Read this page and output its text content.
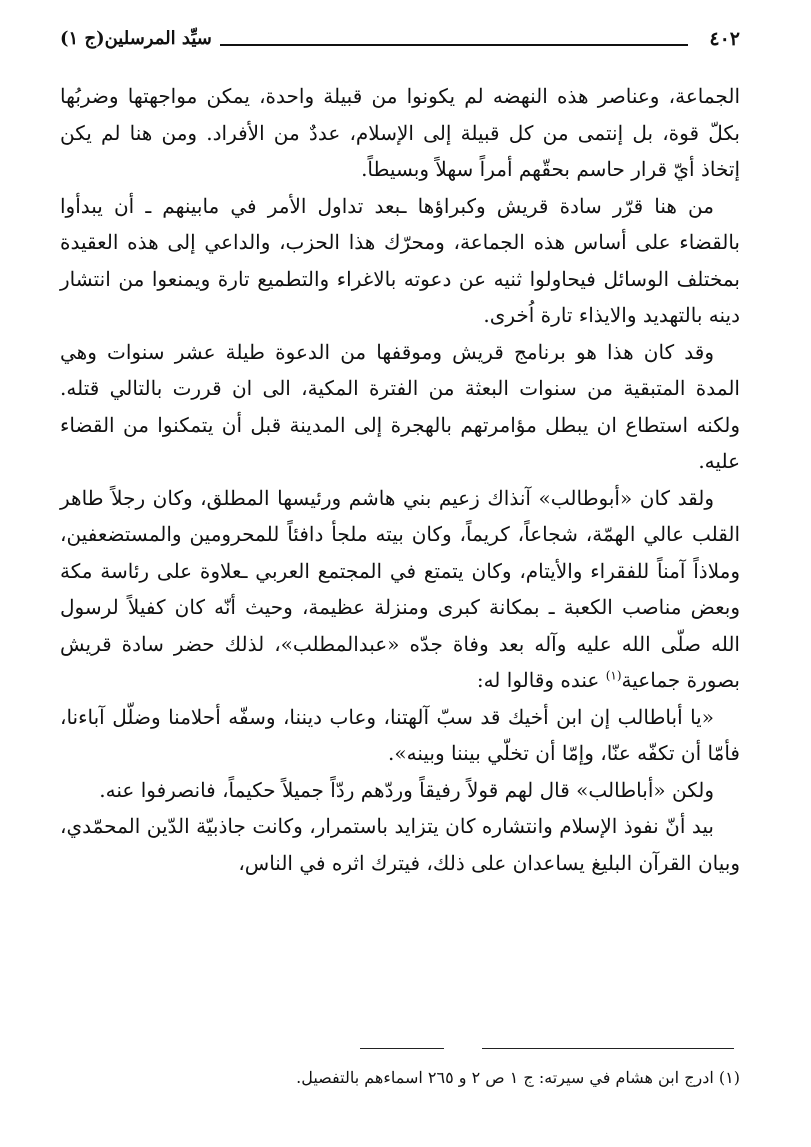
٤٠٢
سيِّد المرسلين(ج ١)

الجماعة، وعناصر هذه النهضه لم يكونوا من قبيلة واحدة، يمكن مواجهتها وضربُها بكلّ قوة، بل إنتمى من كل قبيلة إلى الإسلام، عددٌ من الأفراد. ومن هنا لم يكن إتخاذ أيّ قرار حاسم بحقّهم أمراً سهلاً وبسيطاً.

من هنا قرّر سادة قريش وكبراؤها ـبعد تداول الأمر في مابينهم ـ أن يبدأوا بالقضاء على أساس هذه الجماعة، ومحرّك هذا الحزب، والداعي إلى هذه العقيدة بمختلف الوسائل فيحاولوا ثنيه عن دعوته بالاغراء والتطميع تارة ويمنعوا من انتشار دينه بالتهديد والايذاء تارة اُخرى.

وقد كان هذا هو برنامج قريش وموقفها من الدعوة طيلة عشر سنوات وهي المدة المتبقية من سنوات البعثة من الفترة المكية، الى ان قررت بالتالي قتله. ولكنه استطاع ان يبطل مؤامرتهم بالهجرة إلى المدينة قبل أن يتمكنوا من القضاء عليه.

ولقد كان «أبوطالب» آنذاك زعيم بني هاشم ورئيسها المطلق، وكان رجلاً طاهر القلب عالي الهمّة، شجاعاً، كريماً، وكان بيته ملجأ دافئاً للمحرومين والمستضعفين، وملاذاً آمناً للفقراء والأيتام، وكان يتمتع في المجتمع العربي ـعلاوة على رئاسة مكة وبعض مناصب الكعبة ـ بمكانة كبرى ومنزلة عظيمة، وحيث أنّه كان كفيلاً لرسول الله صلّى الله عليه وآله بعد وفاة جدّه «عبدالمطلب»، لذلك حضر سادة قريش بصورة جماعية$^{(١)}$ عنده وقالوا له:

«يا أباطالب إن ابن أخيك قد سبّ آلهتنا، وعاب ديننا، وسفّه أحلامنا وضلّل آباءنا، فأمّا أن تكفّه عنّا، وإمّا أن تخلّي بيننا وبينه».

ولكن «أباطالب» قال لهم قولاً رفيقاً وردّهم ردّاً جميلاً حكيماً، فانصرفوا عنه.

بيد أنّ نفوذ الإسلام وانتشاره كان يتزايد باستمرار، وكانت جاذبيّة الدّين المحمّدي، وبيان القرآن البليغ يساعدان على ذلك، فيترك اثره في الناس،

(١) ادرج ابن هشام في سيرته: ج ١ ص ٢ و ٢٦٥ اسماءهم بالتفصيل.
